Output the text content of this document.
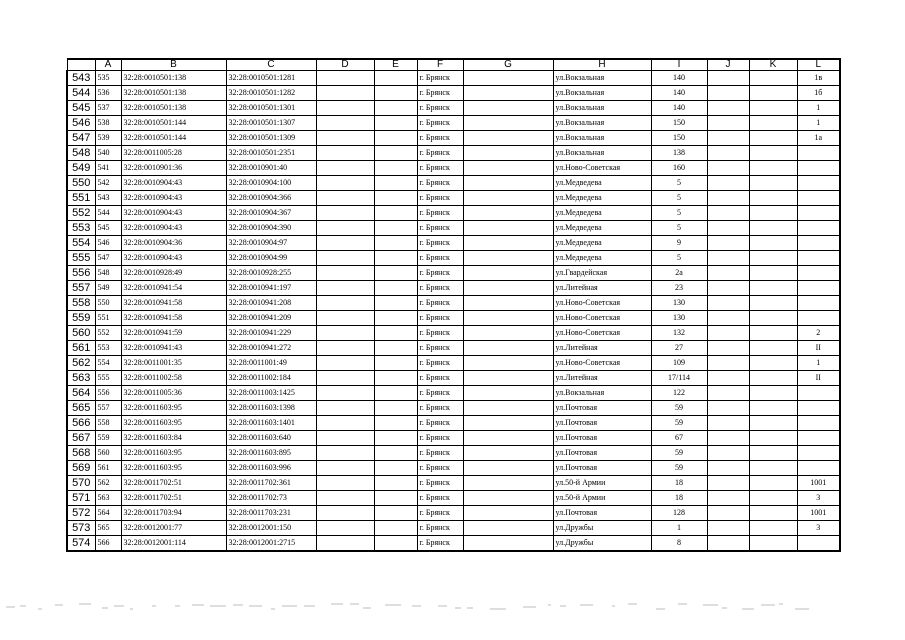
	A	B	C	D	E	F	G	H	I	J	K	L
543	535	32:28:0010501:138	32:28:0010501:1281			г. Брянск		ул.Вокзальная	140			1в
544	536	32:28:0010501:138	32:28:0010501:1282			г. Брянск		ул.Вокзальная	140			1б
545	537	32:28:0010501:138	32:28:0010501:1301			г. Брянск		ул.Вокзальная	140			1
546	538	32:28:0010501:144	32:28:0010501:1307			г. Брянск		ул.Вокзальная	150			1
547	539	32:28:0010501:144	32:28:0010501:1309			г. Брянск		ул.Вокзальная	150			1а
548	540	32:28:0011005:28	32:28:0010501:2351			г. Брянск		ул.Вокзальная	138			
549	541	32:28:0010901:36	32:28:0010901:40			г. Брянск		ул.Ново-Советская	160			
550	542	32:28:0010904:43	32:28:0010904:100			г. Брянск		ул.Медведева	5			
551	543	32:28:0010904:43	32:28:0010904:366			г. Брянск		ул.Медведева	5			
552	544	32:28:0010904:43	32:28:0010904:367			г. Брянск		ул.Медведева	5			
553	545	32:28:0010904:43	32:28:0010904:390			г. Брянск		ул.Медведева	5			
554	546	32:28:0010904:36	32:28:0010904:97			г. Брянск		ул.Медведева	9			
555	547	32:28:0010904:43	32:28:0010904:99			г. Брянск		ул.Медведева	5			
556	548	32:28:0010928:49	32:28:0010928:255			г. Брянск		ул.Гвардейская	2а			
557	549	32:28:0010941:54	32:28:0010941:197			г. Брянск		ул.Литейная	23			
558	550	32:28:0010941:58	32:28:0010941:208			г. Брянск		ул.Ново-Советская	130			
559	551	32:28:0010941:58	32:28:0010941:209			г. Брянск		ул.Ново-Советская	130			
560	552	32:28:0010941:59	32:28:0010941:229			г. Брянск		ул.Ново-Советская	132			2
561	553	32:28:0010941:43	32:28:0010941:272			г. Брянск		ул.Литейная	27			II
562	554	32:28:0011001:35	32:28:0011001:49			г. Брянск		ул.Ново-Советская	109			1
563	555	32:28:0011002:58	32:28:0011002:184			г. Брянск		ул.Литейная	17/114			II
564	556	32:28:0011005:36	32:28:0011003:1425			г. Брянск		ул.Вокзальная	122			
565	557	32:28:0011603:95	32:28:0011603:1398			г. Брянск		ул.Почтовая	59			
566	558	32:28:0011603:95	32:28:0011603:1401			г. Брянск		ул.Почтовая	59			
567	559	32:28:0011603:84	32:28:0011603:640			г. Брянск		ул.Почтовая	67			
568	560	32:28:0011603:95	32:28:0011603:895			г. Брянск		ул.Почтовая	59			
569	561	32:28:0011603:95	32:28:0011603:996			г. Брянск		ул.Почтовая	59			
570	562	32:28:0011702:51	32:28:0011702:361			г. Брянск		ул.50-й Армии	18			1001
571	563	32:28:0011702:51	32:28:0011702:73			г. Брянск		ул.50-й Армии	18			3
572	564	32:28:0011703:94	32:28:0011703:231			г. Брянск		ул.Почтовая	128			1001
573	565	32:28:0012001:77	32:28:0012001:150			г. Брянск		ул.Дружбы	1			3
574	566	32:28:0012001:114	32:28:0012001:2715			г. Брянск		ул.Дружбы	8			
